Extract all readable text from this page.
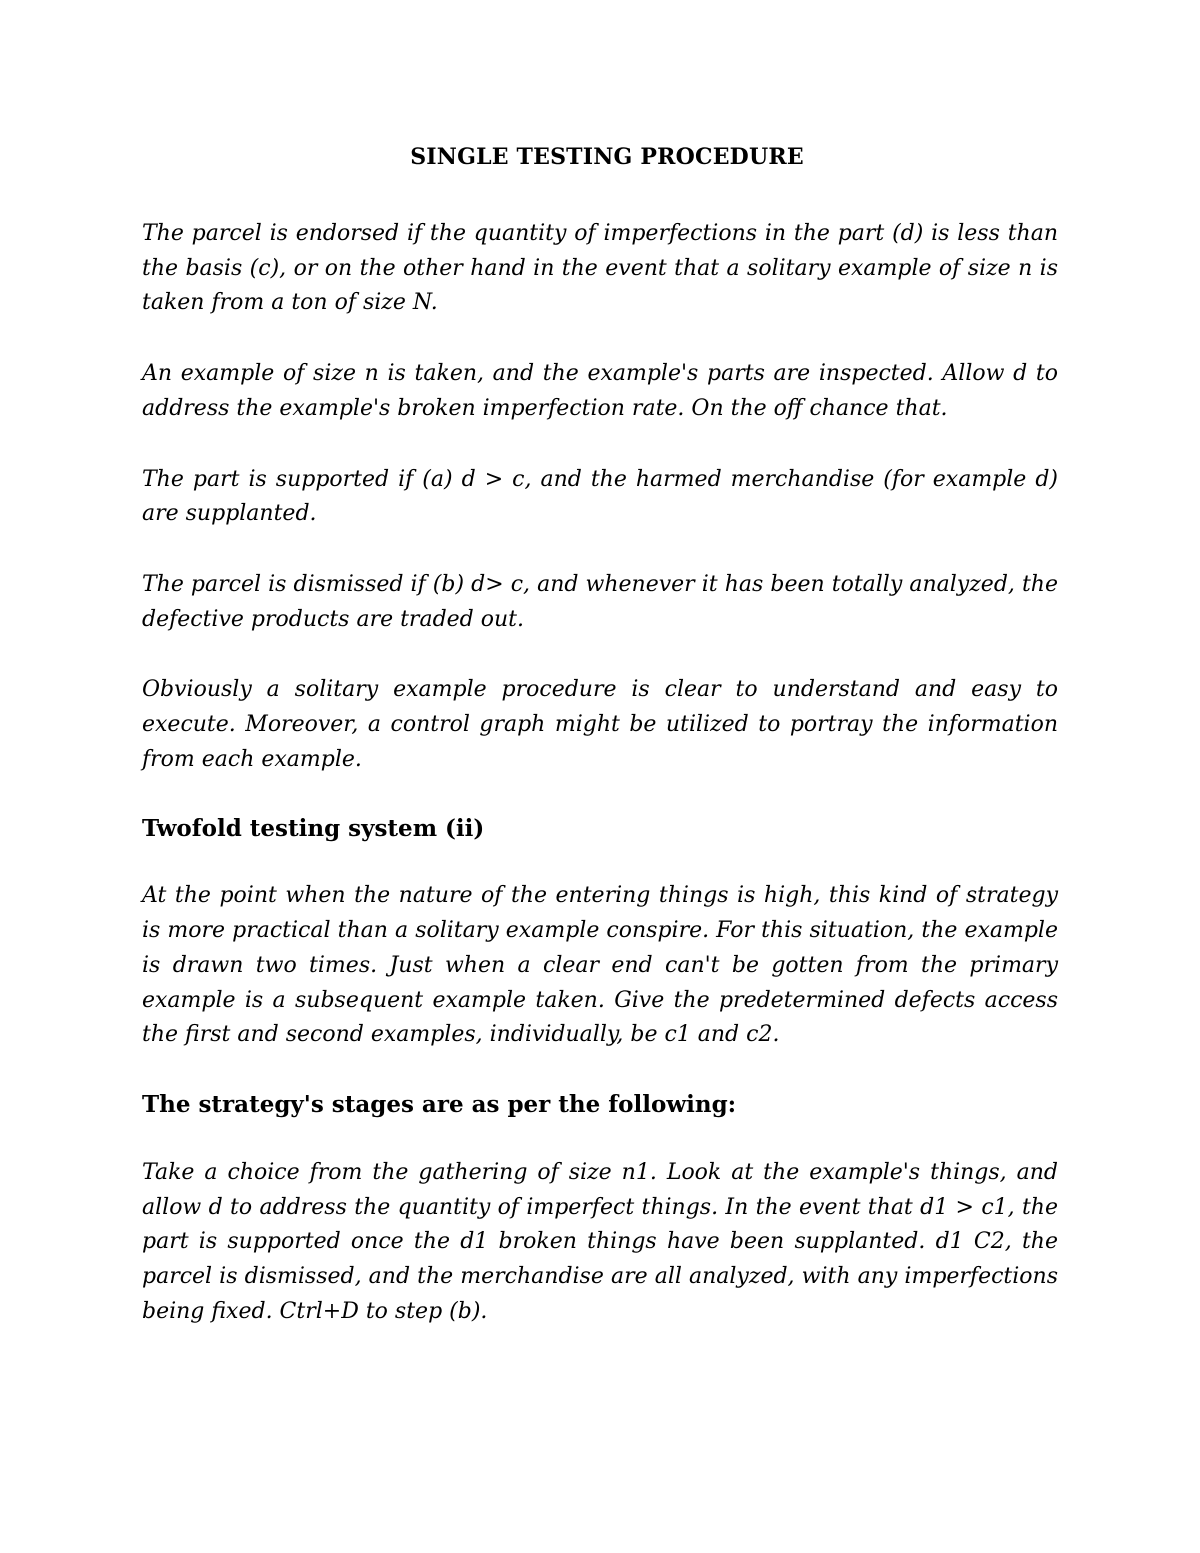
SINGLE TESTING PROCEDURE

The parcel is endorsed if the quantity of imperfections in the part (d) is less than the basis (c), or on the other hand in the event that a solitary example of size n is taken from a ton of size N.

An example of size n is taken, and the example's parts are inspected. Allow d to address the example's broken imperfection rate. On the off chance that.

The part is supported if (a) d > c, and the harmed merchandise (for example d) are supplanted.

The parcel is dismissed if (b) d> c, and whenever it has been totally analyzed, the defective products are traded out.

Obviously a solitary example procedure is clear to understand and easy to execute. Moreover, a control graph might be utilized to portray the information from each example.

Twofold testing system (ii)

At the point when the nature of the entering things is high, this kind of strategy is more practical than a solitary example conspire. For this situation, the example is drawn two times. Just when a clear end can't be gotten from the primary example is a subsequent example taken. Give the predetermined defects access the first and second examples, individually, be c1 and c2.

The strategy's stages are as per the following:

Take a choice from the gathering of size n1. Look at the example's things, and allow d to address the quantity of imperfect things. In the event that d1 > c1, the part is supported once the d1 broken things have been supplanted. d1 C2, the parcel is dismissed, and the merchandise are all analyzed, with any imperfections being fixed. Ctrl+D to step (b).
